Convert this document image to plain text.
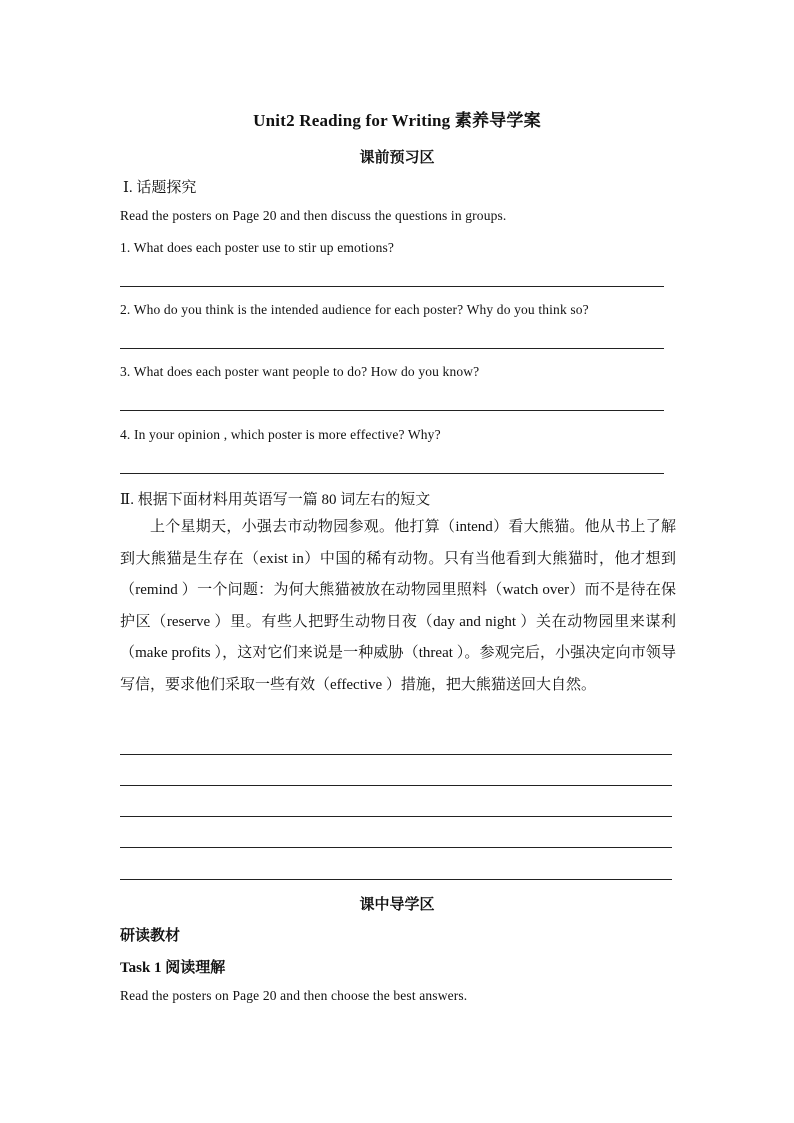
Unit2 Reading for Writing 素养导学案
课前预习区
Ⅰ. 话题探究
Read the posters on Page 20 and then discuss the questions in groups.
1. What does each poster use to stir up emotions?
2. Who do you think is the intended audience for each poster? Why do you think so?
3. What does each poster want people to do? How do you know?
4. In your opinion , which poster is more effective? Why?
Ⅱ. 根据下面材料用英语写一篇 80 词左右的短文
上个星期天，小强去市动物园参观。他打算（intend）看大熊猫。他从书上了解到大熊猫是生存在（exist in）中国的稀有动物。只有当他看到大熊猫时，他才想到（remind ）一个问题：为何大熊猫被放在动物园里照料（watch over）而不是待在保护区（reserve ）里。有些人把野生动物日夜（day and night ）关在动物园里来谋利（make profits ），这对它们来说是一种威胁（threat ）。参观完后，小强决定向市领导写信，要求他们采取一些有效（effective ）措施，把大熊猫送回大自然。
课中导学区
研读教材
Task 1 阅读理解
Read the posters on Page 20 and then choose the best answers.
